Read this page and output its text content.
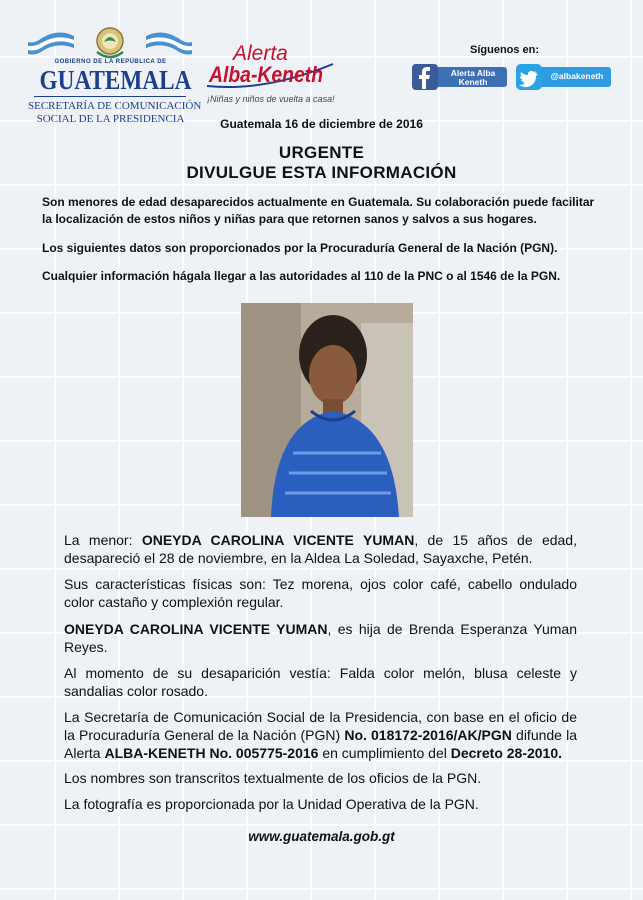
GOBIERNO DE LA REPÚBLICA DE
GUATEMALA
SECRETARÍA DE COMUNICACIÓN
SOCIAL DE LA PRESIDENCIA
Alerta
Alba-Keneth
¡Niñas y niños de vuelta a casa!
Síguenos en:
Alerta Alba
Keneth
@albakeneth
Guatemala 16 de diciembre de 2016
URGENTE
DIVULGUE ESTA INFORMACIÓN
Son menores de edad desaparecidos actualmente en Guatemala. Su colaboración puede facilitar la localización de estos niños y niñas para que retornen sanos y salvos a sus hogares.
Los siguientes datos son proporcionados por la Procuraduría General de la Nación (PGN).
Cualquier información hágala llegar a las autoridades al 110 de la PNC o al 1546 de la PGN.
La menor: ONEYDA CAROLINA VICENTE YUMAN, de 15 años de edad, desapareció el 28 de noviembre, en la Aldea La Soledad, Sayaxche, Petén.
Sus características físicas son: Tez morena, ojos color café, cabello ondulado color castaño y complexión regular.
ONEYDA CAROLINA VICENTE YUMAN, es hija de Brenda Esperanza Yuman Reyes.
Al momento de su desaparición vestía: Falda color melón, blusa celeste y sandalias color rosado.
La Secretaría de Comunicación Social de la Presidencia, con base en el oficio de la Procuraduría General de la Nación (PGN) No. 018172-2016/AK/PGN difunde la Alerta ALBA-KENETH No. 005775-2016 en cumplimiento del Decreto 28-2010.
Los nombres son transcritos textualmente de los oficios de la PGN.
La fotografía es proporcionada por la Unidad Operativa de la PGN.
www.guatemala.gob.gt
